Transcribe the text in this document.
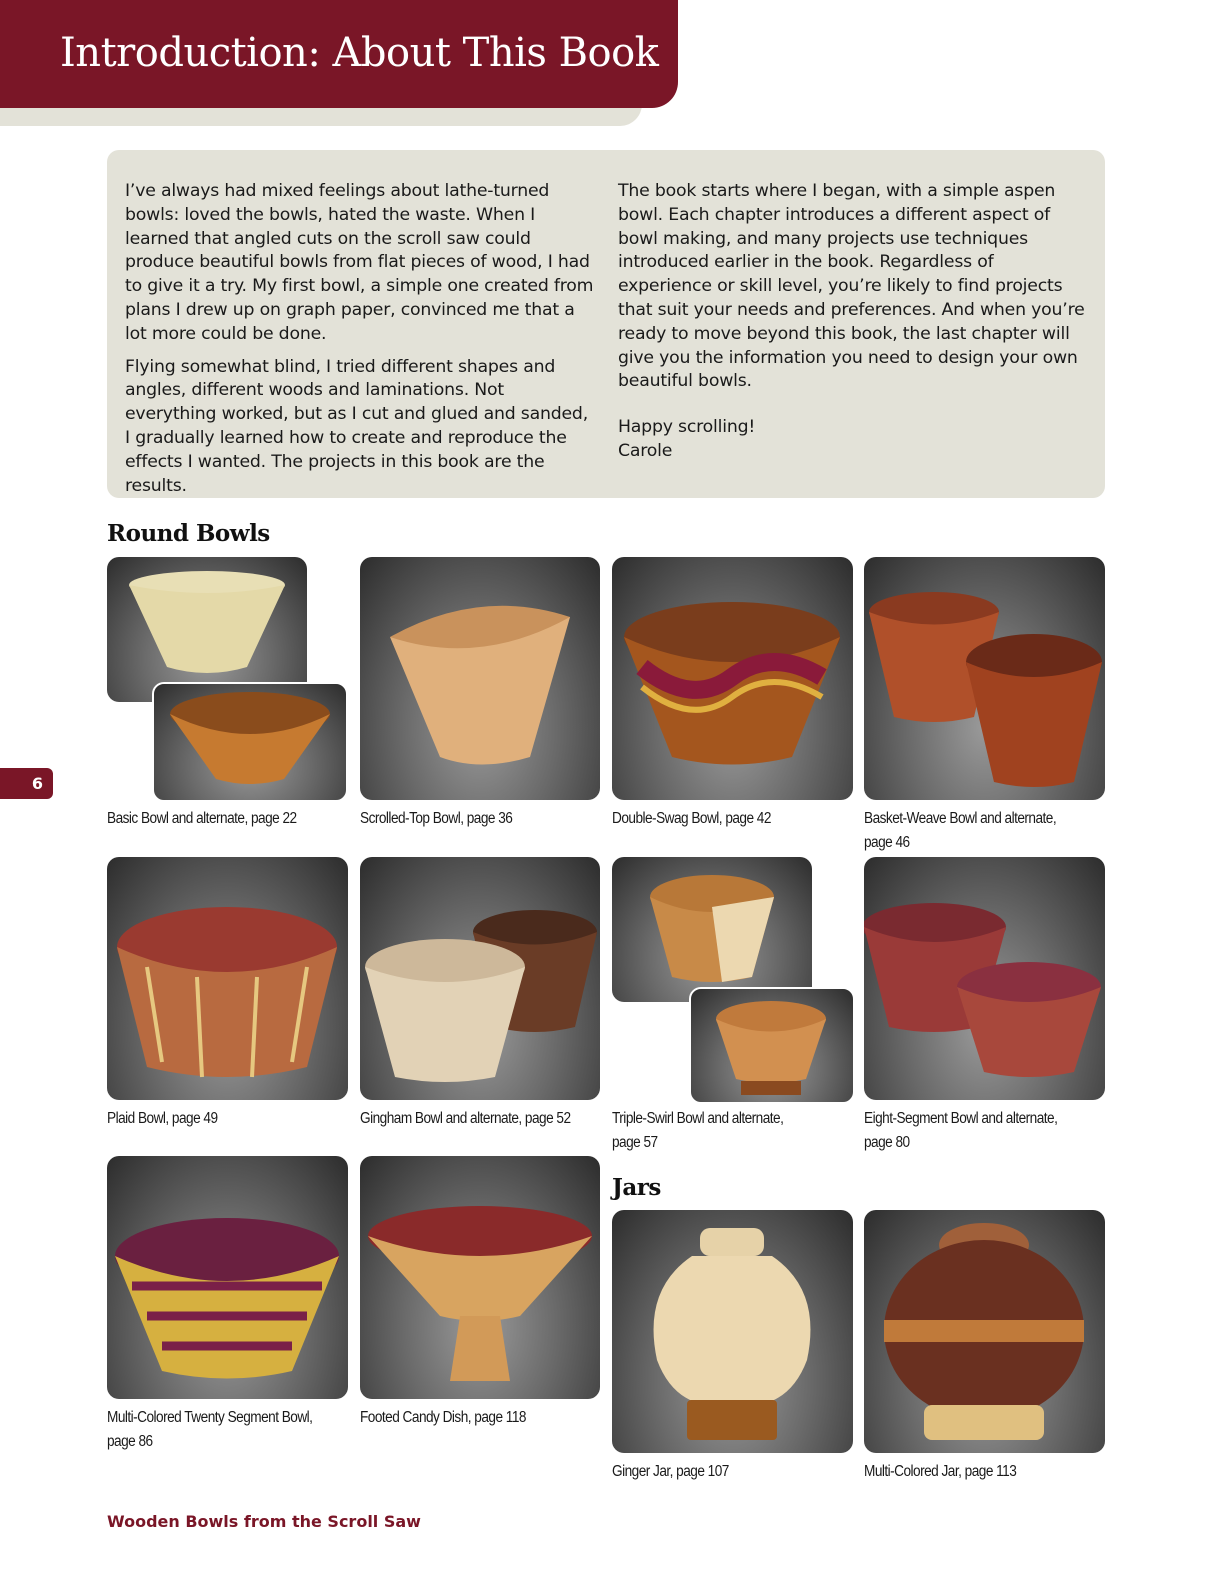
Introduction: About This Book

I’ve always had mixed feelings about lathe-turned bowls: loved the bowls, hated the waste. When I learned that angled cuts on the scroll saw could produce beautiful bowls from flat pieces of wood, I had to give it a try. My first bowl, a simple one created from plans I drew up on graph paper, convinced me that a lot more could be done.

Flying somewhat blind, I tried different shapes and angles, different woods and laminations. Not everything worked, but as I cut and glued and sanded, I gradually learned how to create and reproduce the effects I wanted. The projects in this book are the results.

The book starts where I began, with a simple aspen bowl. Each chapter introduces a different aspect of bowl making, and many projects use techniques introduced earlier in the book. Regardless of experience or skill level, you’re likely to find projects that suit your needs and preferences. And when you’re ready to move beyond this book, the last chapter will give you the information you need to design your own beautiful bowls.

Happy scrolling!

Carole

Round Bowls
Basic Bowl and alternate, page 22	Scrolled-Top Bowl, page 36	Double-Swag Bowl, page 42	Basket-Weave Bowl and alternate,
page 46
Plaid Bowl, page 49	Gingham Bowl and alternate, page 52	Triple-Swirl Bowl and alternate,
page 57
Eight-Segment Bowl and alternate,
page 80
Multi-Colored Twenty Segment Bowl,
page 86
Footed Candy Dish, page 118
Jars
Ginger Jar, page 107	Multi-Colored Jar, page 113
6
Wooden Bowls from the Scroll Saw
